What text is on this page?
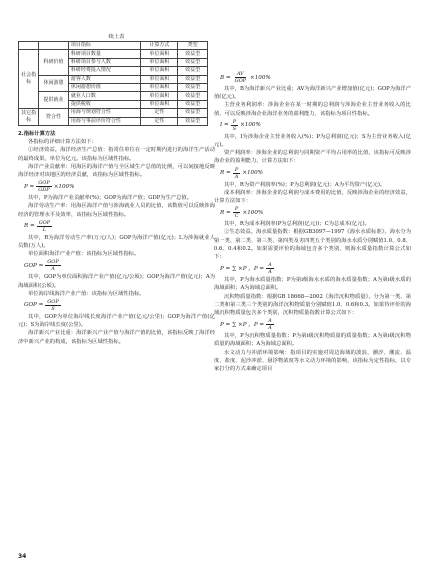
续上表
		项目指标	计算方式	类型
社会指标	科研价值	科研项目数量	单位面积	效益型
		科研项目参与人数	单位面积	效益型
		科研经费投入情况	单位面积	效益型
	休闲游憩	游客人数	单位面积	效益型
		休闲游憩价值	单位面积	效益型
	提供就业	就业人口数	单位面积	效益型
		提供税收	单位面积	效益型
其它指标	符合性	用海与规划符合性	定性	效益型
		用海与事前评价符合性	定性	效益型

2.指标计算方法

各指标的详细计算方法如下：

①经济效益。海洋经济生产总值：指常住单位在一定时期内进行的海洋生产活动的最终成果，单位为亿元。该指标为区域性指标。

海洋产业贡献率：用海区的海洋产值与全区域生产总值的比例，可以间接地反映海洋经济对该地区的经济贡献，该指标为区域性指标。

$P = \frac{\text{GOP}}{\text{GDP}} \times 100\%$

其中，P为海洋产业贡献率(%)；GOP为海洋产值；GDP为生产总值。

海洋劳动生产率：用海区海洋产值与涉海就业人员的比值，该数值可以反映涉海经济的管理水平及效率，该指标为区域性指标。

$R = \frac{\text{GOP}}{L}$

其中，R为海洋劳动生产率(万元/人)；GOP为海洋产值(亿元)；L为涉海就业人员数(万人)。

单位面积海洋产业产值：该指标为区域性指标。

GOP = $\frac{\text{GOP}}{A}$

其中，GOP为单位面积海洋产业产值(亿元/公顷)；GOP为海洋产值(亿元)；A为海域面积(公顷)。

单位海岸线海洋产业产值：该指标为区域性指标。

GOP = $\frac{\text{GOP}}{S}$

其中，GOP为单位海岸线长度海洋产业产值(亿元/公里)；GOP为海洋产值(亿元)；S为海岸线长度(公里)。

海洋新兴产业比重：海洋新兴产业产值与海洋产值的比值，该指标反映了海洋经济中新兴产业的构成，该指标为区域性指标。

$B = \frac{AV}{\text{GOP}} \times 100\%$

其中，B为海洋新兴产业比重；AV为海洋新兴产业增加值(亿元)；GOP为海洋产值(亿元)。

主营业务利润率：涉海企业在某一时期的总利润与涉海企业主营业务收入的比值，可以反映涉海企业海洋业务的盈利能力，该指标为项目性指标。

$I = \frac{P}{S} \times 100\%$

其中，I为涉海企业主营业务收入(%)；P为总利润(亿元)；S为主营业务收入(亿元)。

资产利润率：涉海企业的总利润与同期资产平均占用率的比值，该指标可反映涉海企业的盈利能力，计算方法如下：

$R = \frac{P}{A} \times 100\%$

其中，R为资产利润率(%)；P为总利润(亿元)；A为平均资产(亿元)。

成本利润率：涉海企业的总利润与成本费用的比值，反映涉海企业的经济效益，计算方法如下：

$R = \frac{P}{C} \times 100\%$

其中，R为成本利润率(P为总利润(亿元))；C为总成本(亿元)。

②生态效益。海水质量指数：根据GB3097—1997《海水水质标准》，海水分为第一类、第二类、第三类、第四类及劣四类五个类别的海水水质分别赋值1.0、0.8、0.6、0.4和0.2。如果需要评价的海域包含多个类别，则海水质量指数计算公式如下：

P = ∑ ×P ，$P = \frac{A}{A}$

其中，P为海水质量指数；P为第i级海水水质的海水质量指数；A为第i级水质的海域面积；A为海域总面积。

沉积物质量指数：根据GB 18668—2002《海洋沉积物质量》，分为第一类、第二类和第三类三个类别的海洋沉积物质量分别赋值1.0、0.6和0.3。如果待评价的海域沉积物质量包含多个类别，沉积物质量指数计算公式如下：

P = ∑ ×P ，$P = \frac{A}{A}$

其中，P为沉积物质量指数；P为第i级沉积物质量的质量指数；A为第i级沉积物质量的海域面积；A为海域总面积。

水文动力与冲淤环境影响：指项目的实施对周边海域的波浪、潮汐、潮流、温度、盐度、泥沙冲淤、悬浮物浓度等水文动力环境的影响，该指标为定性指标，以专家打分的方式来确定项目

34
